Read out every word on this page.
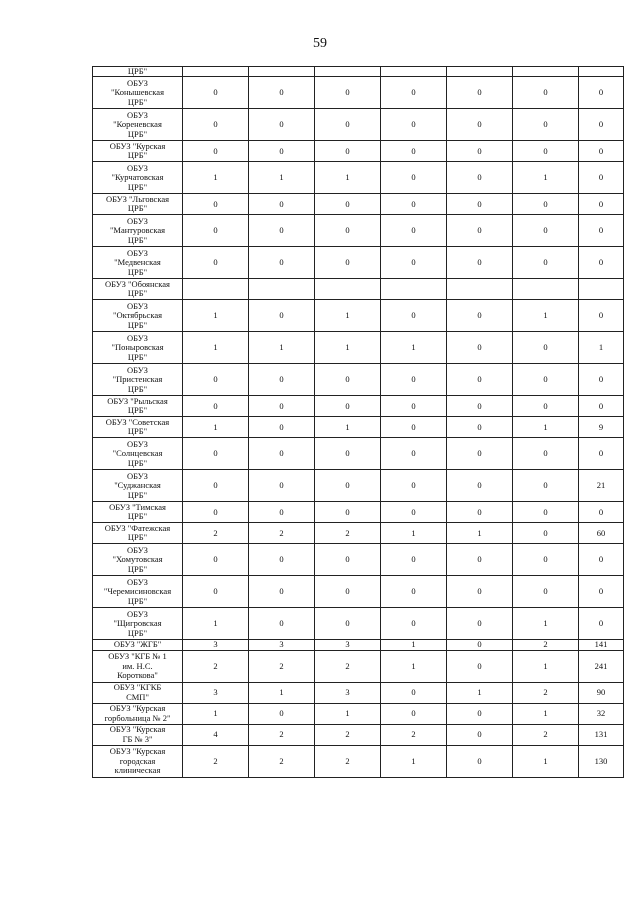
59
ЦРБ"							
ОБУЗ
"Конышевская
ЦРБ"	0	0	0	0	0	0	0
ОБУЗ
"Кореневская
ЦРБ"	0	0	0	0	0	0	0
ОБУЗ "Курская
ЦРБ"	0	0	0	0	0	0	0
ОБУЗ
"Курчатовская
ЦРБ"	1	1	1	0	0	1	0
ОБУЗ "Льговская
ЦРБ"	0	0	0	0	0	0	0
ОБУЗ
"Мантуровская
ЦРБ"	0	0	0	0	0	0	0
ОБУЗ
"Медвенская
ЦРБ"	0	0	0	0	0	0	0
ОБУЗ "Обоянская
ЦРБ"							
ОБУЗ
"Октябрьская
ЦРБ"	1	0	1	0	0	1	0
ОБУЗ
"Поныровская
ЦРБ"	1	1	1	1	0	0	1
ОБУЗ
"Пристенская
ЦРБ"	0	0	0	0	0	0	0
ОБУЗ "Рыльская
ЦРБ"	0	0	0	0	0	0	0
ОБУЗ "Советская
ЦРБ"	1	0	1	0	0	1	9
ОБУЗ
"Солнцевская
ЦРБ"	0	0	0	0	0	0	0
ОБУЗ
"Суджанская
ЦРБ"	0	0	0	0	0	0	21
ОБУЗ "Тимская
ЦРБ"	0	0	0	0	0	0	0
ОБУЗ "Фатежская
ЦРБ"	2	2	2	1	1	0	60
ОБУЗ
"Хомутовская
ЦРБ"	0	0	0	0	0	0	0
ОБУЗ
"Черемисиновская
ЦРБ"	0	0	0	0	0	0	0
ОБУЗ
"Щигровская
ЦРБ"	1	0	0	0	0	1	0
ОБУЗ "ЖГБ"	3	3	3	1	0	2	141
ОБУЗ "КГБ № 1
им. Н.С.
Короткова"	2	2	2	1	0	1	241
ОБУЗ "КГКБ
СМП"	3	1	3	0	1	2	90
ОБУЗ "Курская
горбольница № 2"	1	0	1	0	0	1	32
ОБУЗ "Курская
ГБ № 3"	4	2	2	2	0	2	131
ОБУЗ "Курская
городская
клиническая	2	2	2	1	0	1	130
